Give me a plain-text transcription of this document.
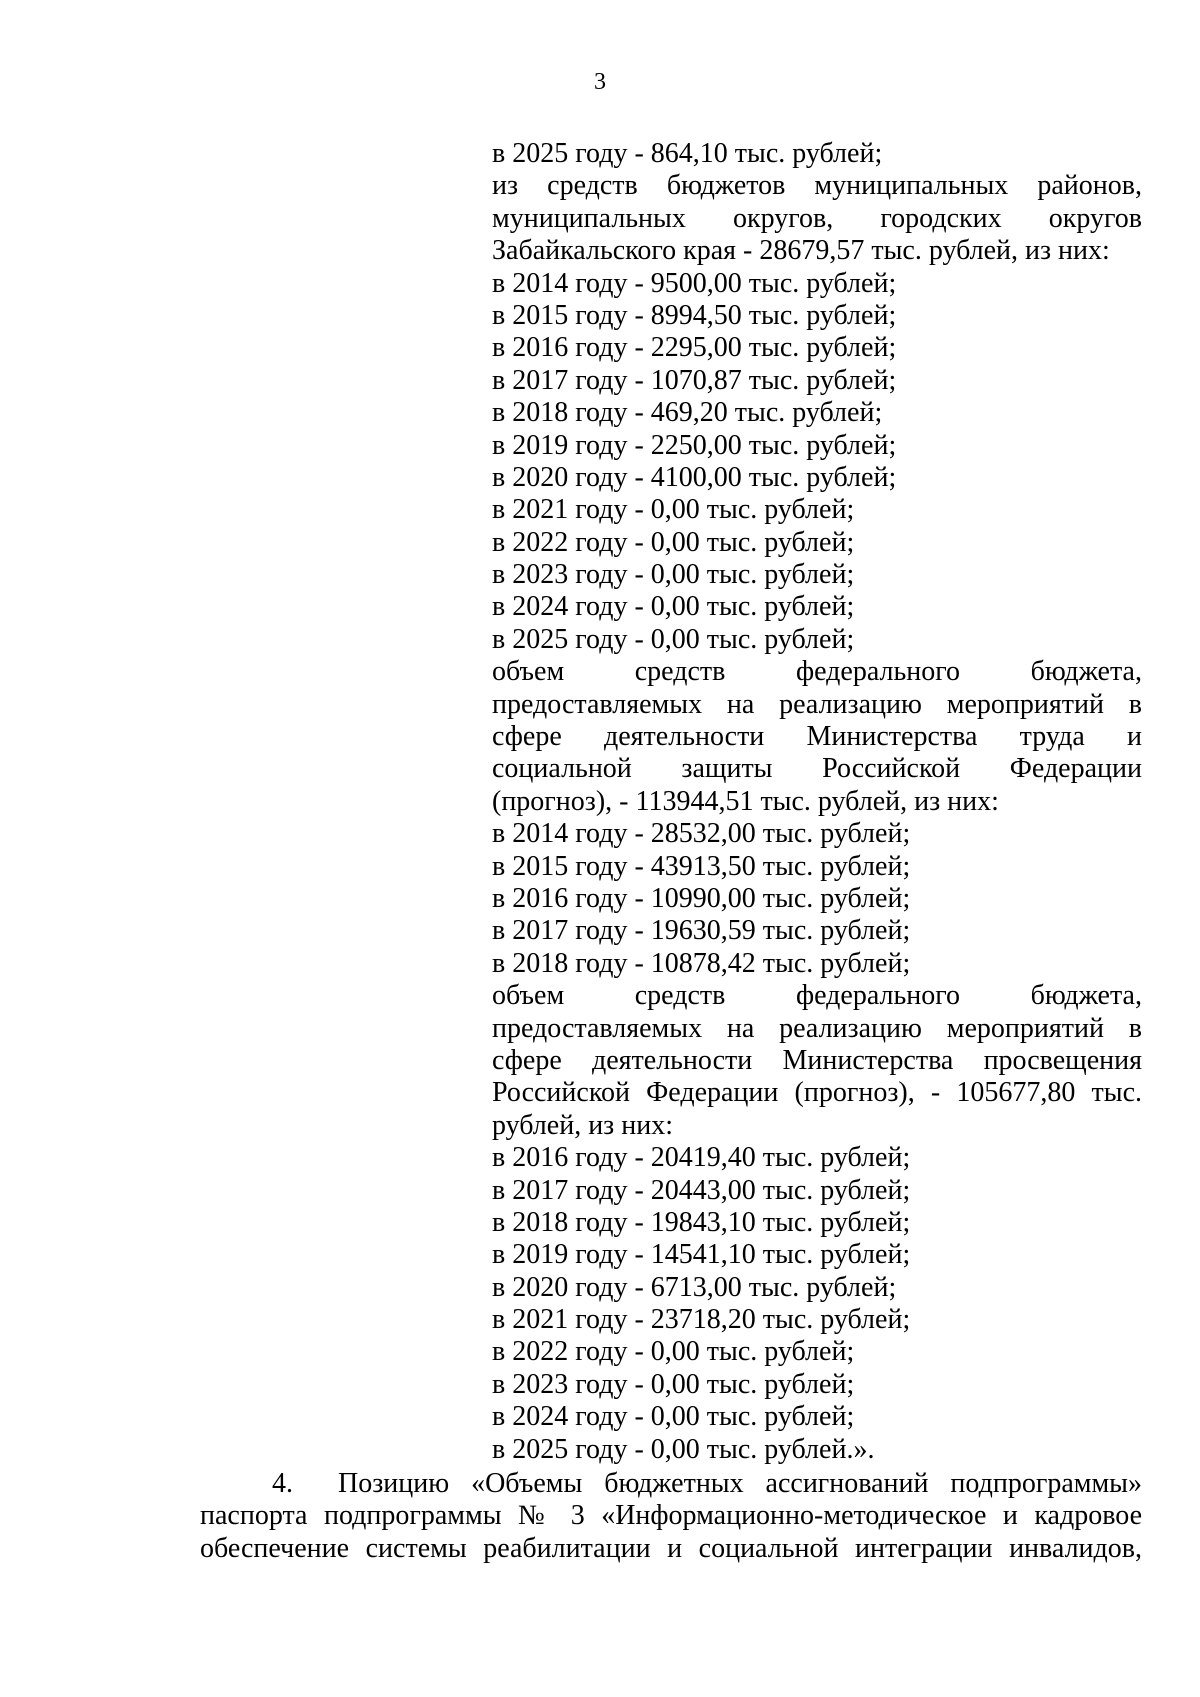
3
в 2025 году - 864,10 тыс. рублей;
из средств бюджетов муниципальных районов,
муниципальных округов, городских округов
Забайкальского края - 28679,57 тыс. рублей, из них:
в 2014 году - 9500,00 тыс. рублей;
в 2015 году - 8994,50 тыс. рублей;
в 2016 году - 2295,00 тыс. рублей;
в 2017 году - 1070,87 тыс. рублей;
в 2018 году - 469,20 тыс. рублей;
в 2019 году - 2250,00 тыс. рублей;
в 2020 году - 4100,00 тыс. рублей;
в 2021 году - 0,00 тыс. рублей;
в 2022 году - 0,00 тыс. рублей;
в 2023 году - 0,00 тыс. рублей;
в 2024 году - 0,00 тыс. рублей;
в 2025 году - 0,00 тыс. рублей;
объем средств федерального бюджета,
предоставляемых на реализацию мероприятий в
сфере деятельности Министерства труда и
социальной защиты Российской Федерации
(прогноз), - 113944,51 тыс. рублей, из них:
в 2014 году - 28532,00 тыс. рублей;
в 2015 году - 43913,50 тыс. рублей;
в 2016 году - 10990,00 тыс. рублей;
в 2017 году - 19630,59 тыс. рублей;
в 2018 году - 10878,42 тыс. рублей;
объем средств федерального бюджета,
предоставляемых на реализацию мероприятий в
сфере деятельности Министерства просвещения
Российской Федерации (прогноз), - 105677,80 тыс.
рублей, из них:
в 2016 году - 20419,40 тыс. рублей;
в 2017 году - 20443,00 тыс. рублей;
в 2018 году - 19843,10 тыс. рублей;
в 2019 году - 14541,10 тыс. рублей;
в 2020 году - 6713,00 тыс. рублей;
в 2021 году - 23718,20 тыс. рублей;
в 2022 году - 0,00 тыс. рублей;
в 2023 году - 0,00 тыс. рублей;
в 2024 году - 0,00 тыс. рублей;
в 2025 году - 0,00 тыс. рублей.».
4. Позицию «Объемы бюджетных ассигнований подпрограммы»
паспорта подпрограммы № 3 «Информационно-методическое и кадровое
обеспечение системы реабилитации и социальной интеграции инвалидов,
